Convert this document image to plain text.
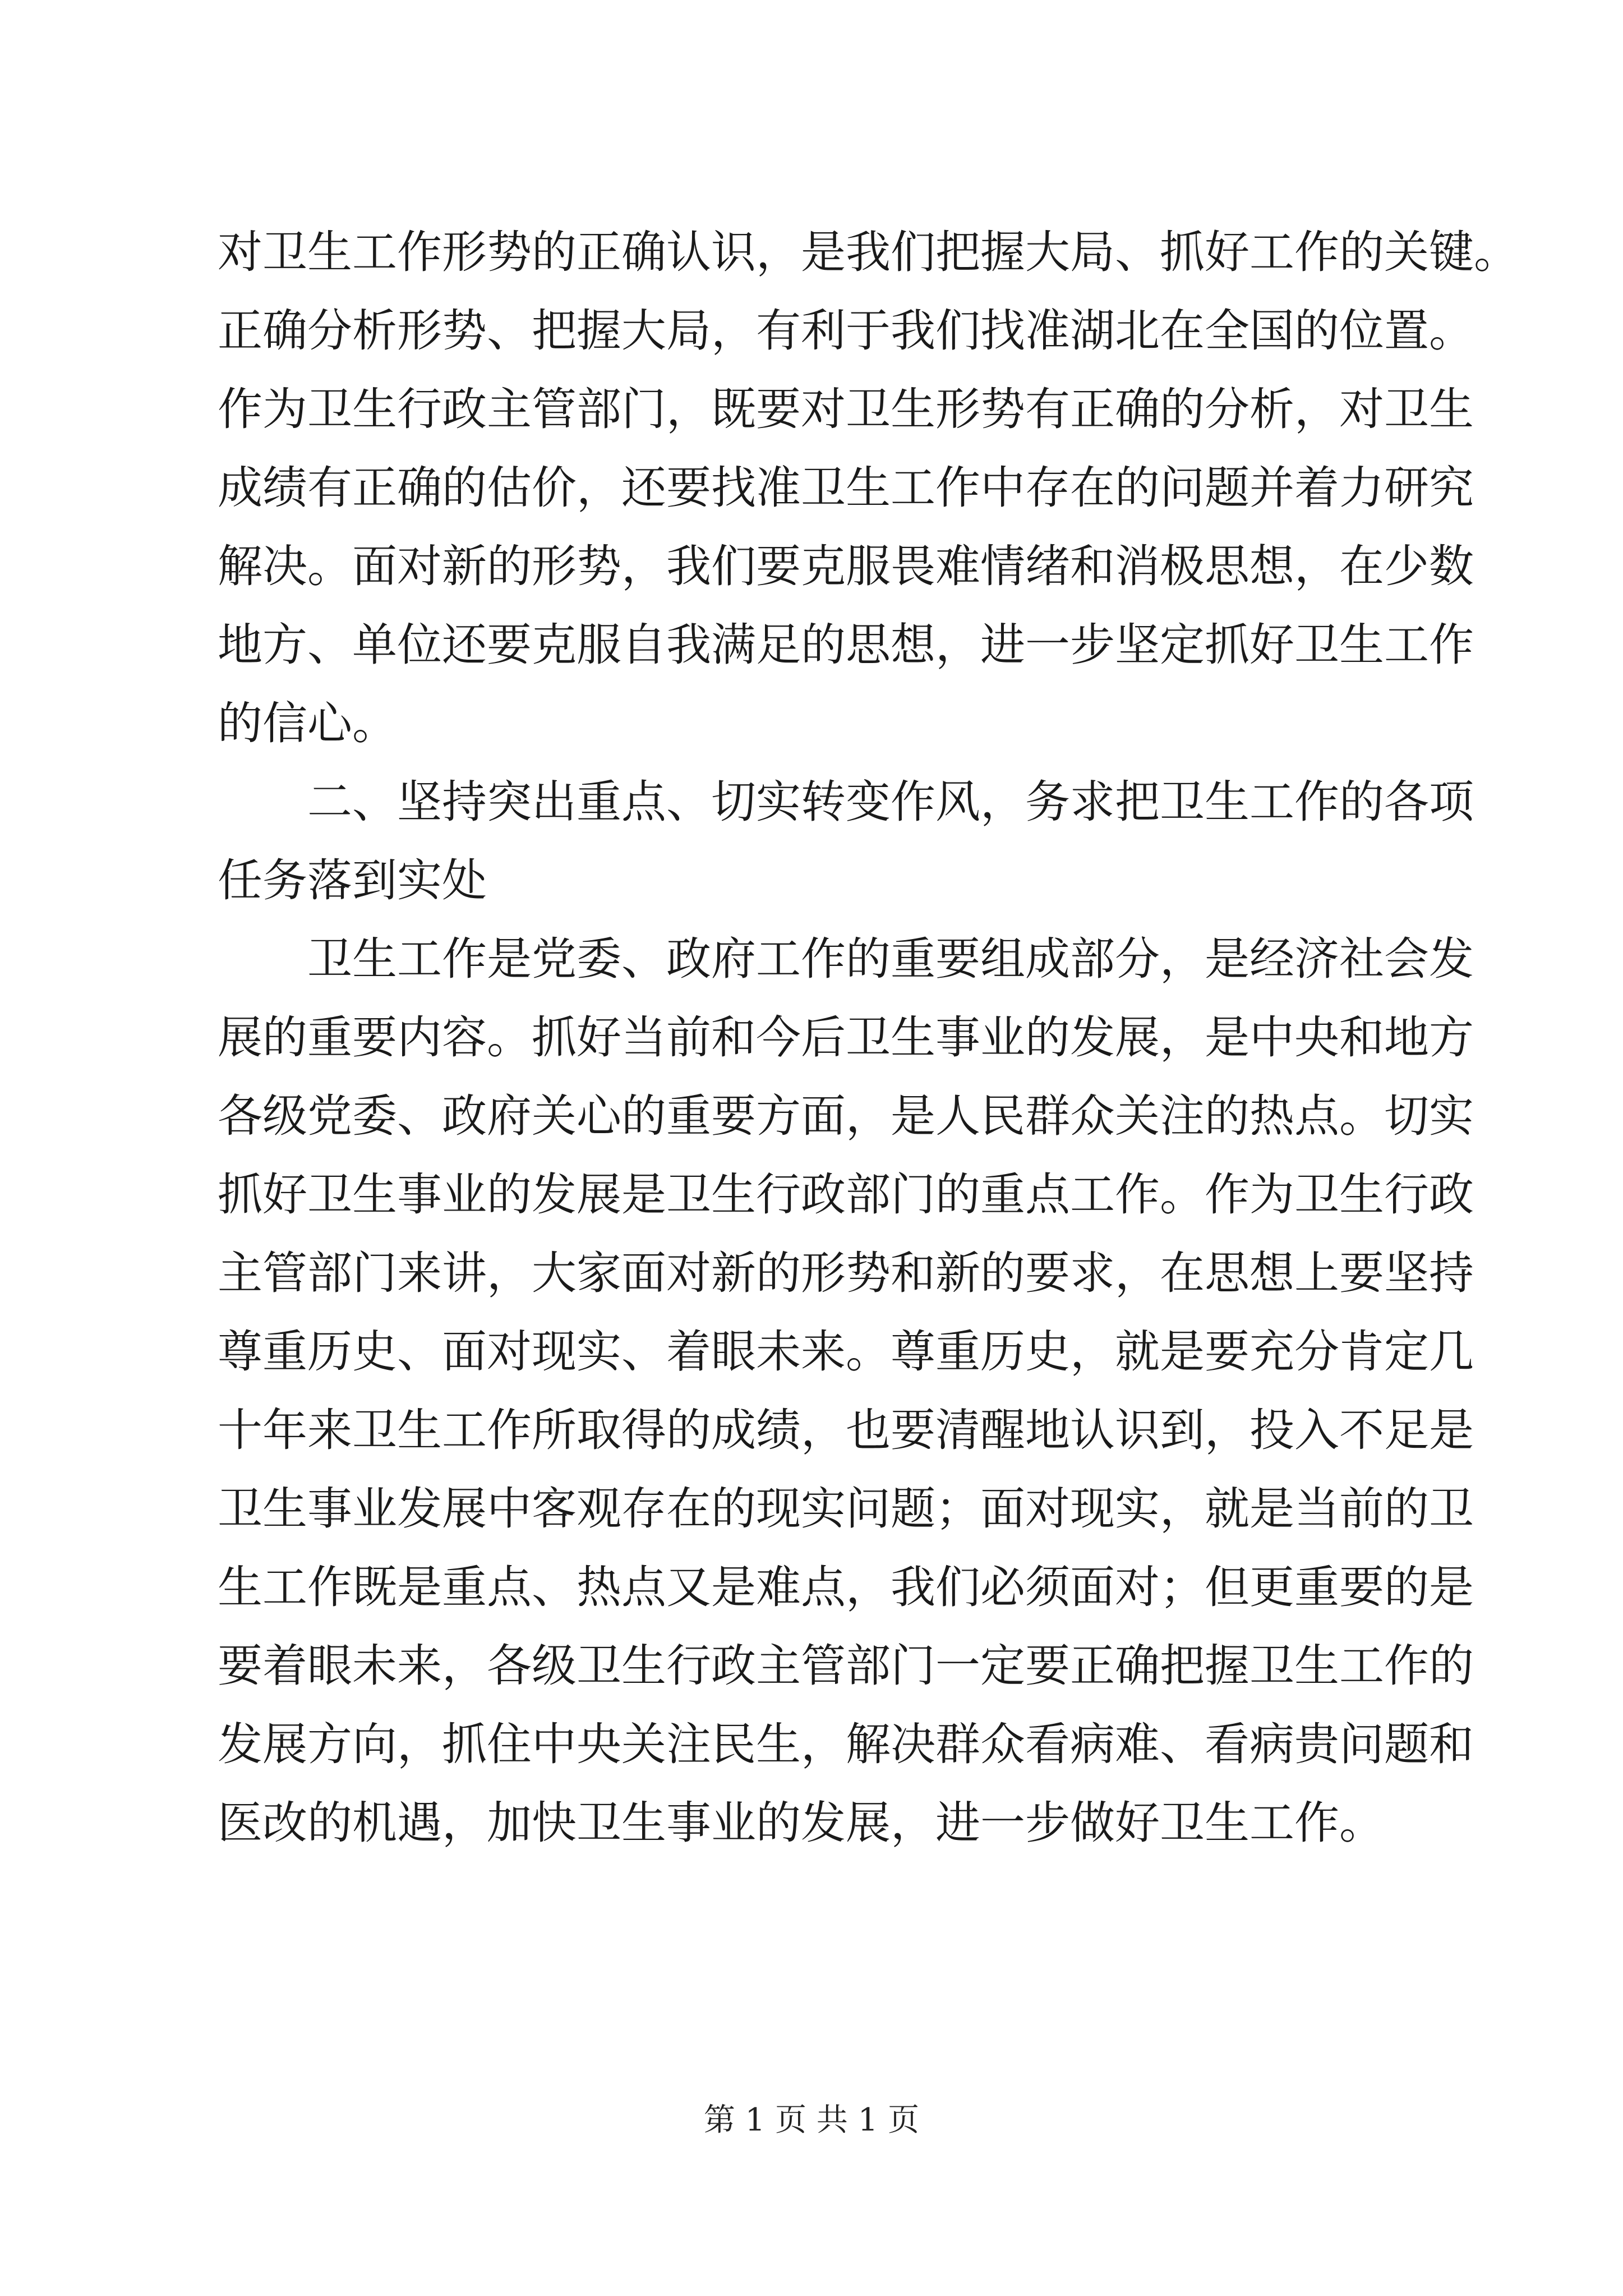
对卫生工作形势的正确认识，是我们把握大局、抓好工作的关键。
正确分析形势、把握大局，有利于我们找准湖北在全国的位置。
作为卫生行政主管部门，既要对卫生形势有正确的分析，对卫生
成绩有正确的估价，还要找准卫生工作中存在的问题并着力研究
解决。面对新的形势，我们要克服畏难情绪和消极思想，在少数
地方、单位还要克服自我满足的思想，进一步坚定抓好卫生工作
的信心。
二、坚持突出重点、切实转变作风，务求把卫生工作的各项
任务落到实处
卫生工作是党委、政府工作的重要组成部分，是经济社会发
展的重要内容。抓好当前和今后卫生事业的发展，是中央和地方
各级党委、政府关心的重要方面，是人民群众关注的热点。切实
抓好卫生事业的发展是卫生行政部门的重点工作。作为卫生行政
主管部门来讲，大家面对新的形势和新的要求，在思想上要坚持
尊重历史、面对现实、着眼未来。尊重历史，就是要充分肯定几
十年来卫生工作所取得的成绩，也要清醒地认识到，投入不足是
卫生事业发展中客观存在的现实问题；面对现实，就是当前的卫
生工作既是重点、热点又是难点，我们必须面对；但更重要的是
要着眼未来，各级卫生行政主管部门一定要正确把握卫生工作的
发展方向，抓住中央关注民生，解决群众看病难、看病贵问题和
医改的机遇，加快卫生事业的发展，进一步做好卫生工作。
第 1 页 共 1 页
